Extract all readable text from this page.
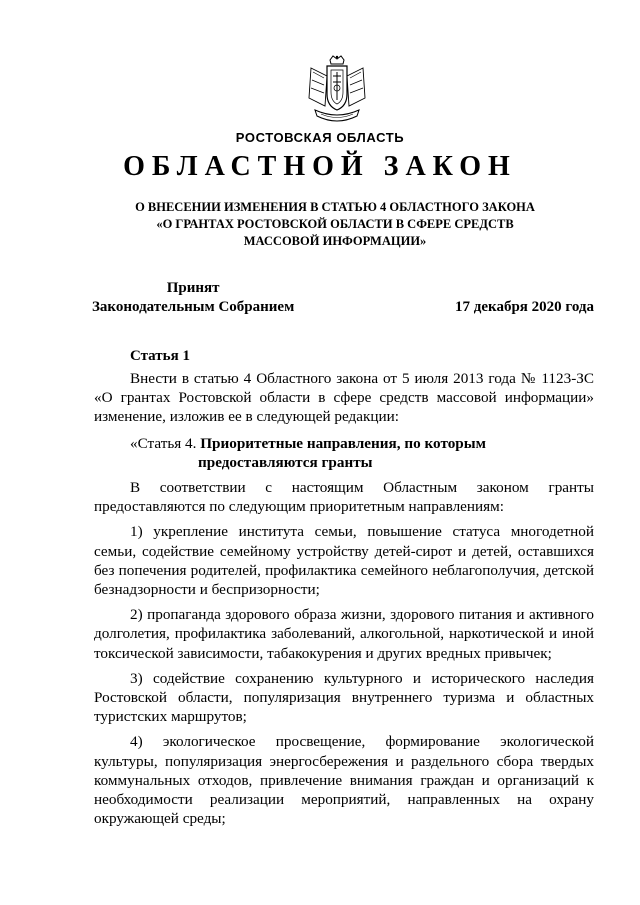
РОСТОВСКАЯ ОБЛАСТЬ
ОБЛАСТНОЙ ЗАКОН
О ВНЕСЕНИИ ИЗМЕНЕНИЯ В СТАТЬЮ 4 ОБЛАСТНОГО ЗАКОНА
«О ГРАНТАХ РОСТОВСКОЙ ОБЛАСТИ В СФЕРЕ СРЕДСТВ
МАССОВОЙ ИНФОРМАЦИИ»
Принят
Законодательным Собранием	17 декабря 2020 года
Статья 1

Внести в статью 4 Областного закона от 5 июля 2013 года № 1123-ЗС «О грантах Ростовской области в сфере средств массовой информации» изменение, изложив ее в следующей редакции:

«Статья 4. Приоритетные направления, по которым
предоставляются гранты

В соответствии с настоящим Областным законом гранты предоставляются по следующим приоритетным направлениям:

1) укрепление института семьи, повышение статуса многодетной семьи, содействие семейному устройству детей-сирот и детей, оставшихся без попечения родителей, профилактика семейного неблагополучия, детской безнадзорности и беспризорности;

2) пропаганда здорового образа жизни, здорового питания и активного долголетия, профилактика заболеваний, алкогольной, наркотической и иной токсической зависимости, табакокурения и других вредных привычек;

3) содействие сохранению культурного и исторического наследия Ростовской области, популяризация внутреннего туризма и областных туристских маршрутов;

4) экологическое просвещение, формирование экологической культуры, популяризация энергосбережения и раздельного сбора твердых коммунальных отходов, привлечение внимания граждан и организаций к необходимости реализации мероприятий, направленных на охрану окружающей среды;
